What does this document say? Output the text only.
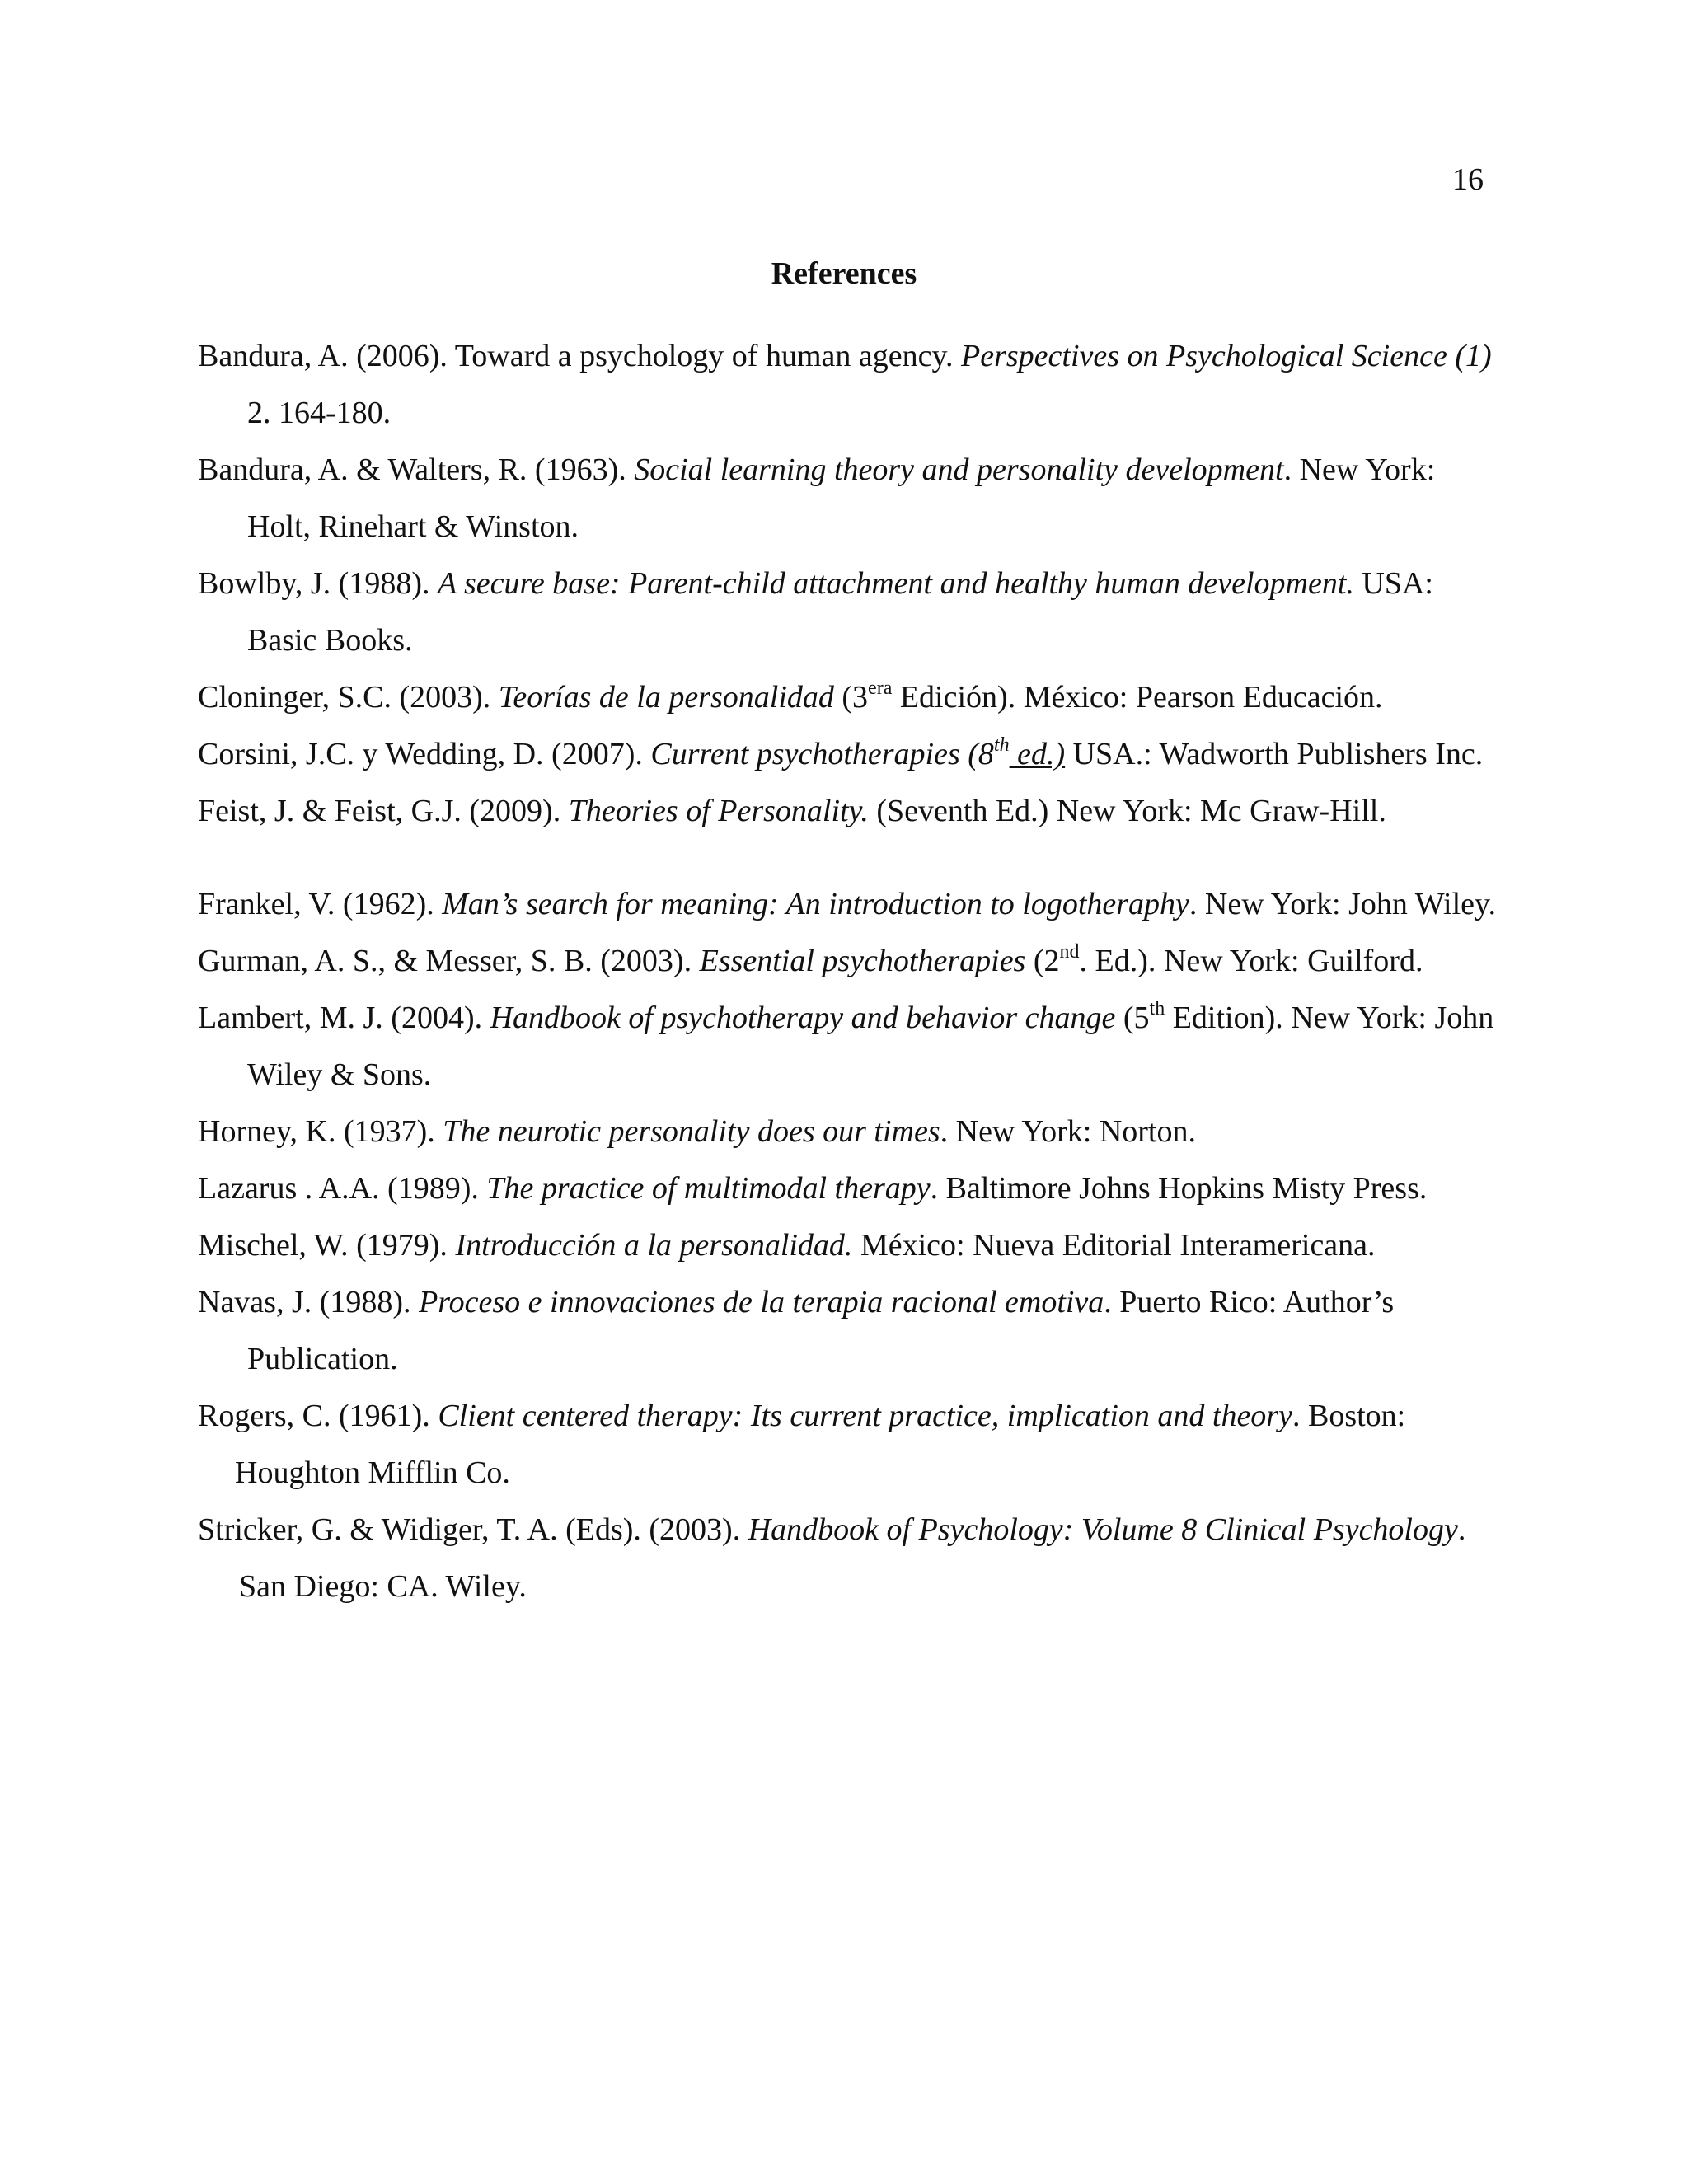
16
References

Bandura, A. (2006). Toward a psychology of human agency. Perspectives on Psychological Science (1) 2. 164-180.

Bandura, A. & Walters, R. (1963). Social learning theory and personality development. New York: Holt, Rinehart & Winston.

Bowlby, J. (1988). A secure base: Parent-child attachment and healthy human development. USA: Basic Books.

Cloninger, S.C. (2003). Teorías de la personalidad ($3^{era}$ Edición). México: Pearson Educación.

Corsini, J.C. y Wedding, D. (2007). Current psychotherapies (8th ed.) USA.: Wadworth Publishers Inc.

Feist, J. & Feist, G.J. (2009). Theories of Personality. (Seventh Ed.) New York: Mc Graw-Hill.

Frankel, V. (1962). Man’s search for meaning: An introduction to logotheraphy. New York: John Wiley.

Gurman, A. S., & Messer, S. B. (2003). Essential psychotherapies (2nd. Ed.). New York: Guilford.

Lambert, M. J. (2004). Handbook of psychotherapy and behavior change (5th Edition). New York: John Wiley & Sons.

Horney, K. (1937). The neurotic personality does our times. New York: Norton.

Lazarus . A.A. (1989). The practice of multimodal therapy. Baltimore Johns Hopkins Misty Press.

Mischel, W. (1979). Introducción a la personalidad. México: Nueva Editorial Interamericana.

Navas, J. (1988). Proceso e innovaciones de la terapia racional emotiva. Puerto Rico: Author’s Publication.

Rogers, C. (1961). Client centered therapy: Its current practice, implication and theory. Boston: Houghton Mifflin Co.

Stricker, G. & Widiger, T. A. (Eds). (2003). Handbook of Psychology: Volume 8 Clinical Psychology. San Diego: CA. Wiley.
